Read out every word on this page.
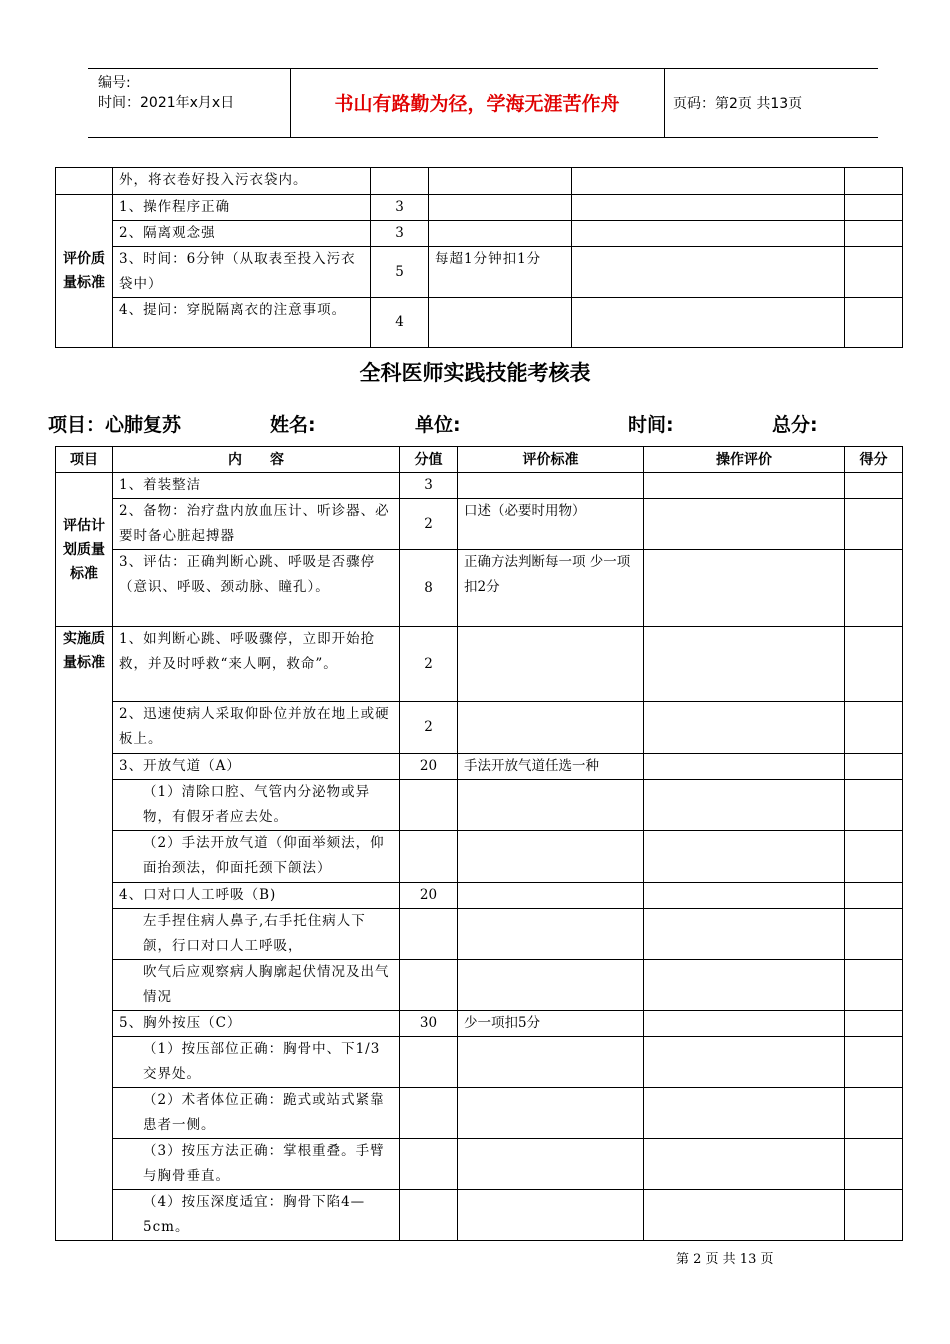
编号:
时间：2021年x月x日	书山有路勤为径，学海无涯苦作舟	页码：第2页 共13页
	外，将衣卷好投入污衣袋内。				
评价质量标准	1、操作程序正确	3			
	2、隔离观念强	3			
	3、时间：6分钟（从取表至投入污衣袋中）	5	每超1分钟扣1分		
	4、提问：穿脱隔离衣的注意事项。	4			
全科医师实践技能考核表
项目：心肺复苏	姓名:	单位:	时间:	总分:
项目	内　　容	分值	评价标准	操作评价	得分
评估计划质量标准	1、着装整洁	3			
	2、备物：治疗盘内放血压计、听诊器、必要时备心脏起搏器	2	口述（必要时用物）		
	3、评估：正确判断心跳、呼吸是否骤停（意识、呼吸、颈动脉、瞳孔）。	8	正确方法判断每一项 少一项扣2分		
实施质量标准	1、如判断心跳、呼吸骤停，立即开始抢救，并及时呼救“来人啊，救命”。	2			
	2、迅速使病人采取仰卧位并放在地上或硬板上。	2			
	3、开放气道（A）	20	手法开放气道任选一种		
	（1）清除口腔、气管内分泌物或异物，有假牙者应去处。				
	（2）手法开放气道（仰面举颏法，仰面抬颈法，仰面托颈下颌法）				
	4、口对口人工呼吸（B)	20			
	左手捏住病人鼻子,右手托住病人下颌，行口对口人工呼吸，				
	吹气后应观察病人胸廓起伏情况及出气情况				
	5、胸外按压（C）	30	少一项扣5分		
	（1）按压部位正确：胸骨中、下1/3交界处。				
	（2）术者体位正确：跪式或站式紧靠患者一侧。				
	（3）按压方法正确：掌根重叠。手臂与胸骨垂直。				
	（4）按压深度适宜：胸骨下陷4—5cm。				
第 2 页 共 13 页
